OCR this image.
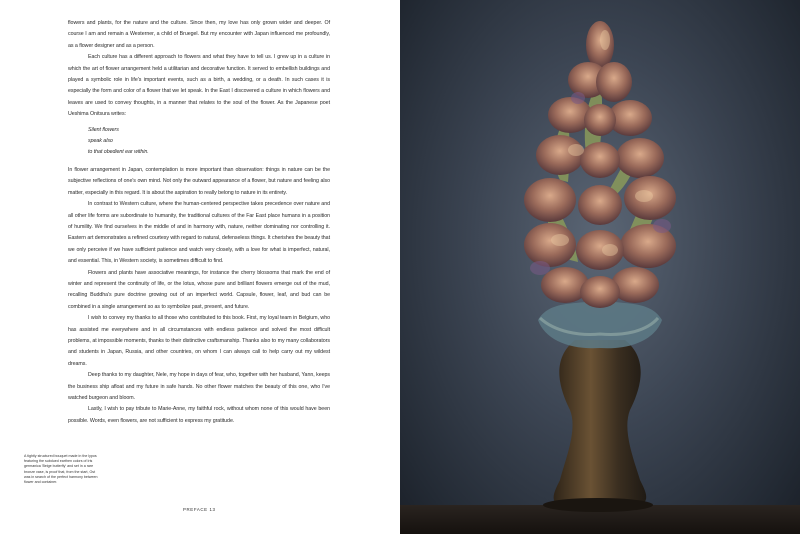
flowers and plants, for the nature and the culture. Since then, my love has only grown wider and deeper. Of course I am and remain a Westerner, a child of Bruegel. But my encounter with Japan influenced me profoundly, as a flower designer and as a person.

Each culture has a different approach to flowers and what they have to tell us. I grew up in a culture in which the art of flower arrangement held a utilitarian and decorative function. It served to embellish buildings and played a symbolic role in life's important events, such as a birth, a wedding, or a death. In such cases it is especially the form and color of a flower that we let speak. In the East I discovered a culture in which flowers and leaves are used to convey thoughts, in a manner that relates to the soul of the flower. As the Japanese poet Ueshima Onitsura writes:

Silent flowers
speak also
to that obedient ear within.

In flower arrangement in Japan, contemplation is more important than observation: things in nature can be the subjective reflections of one's own mind. Not only the outward appearance of a flower, but nature and feeling also matter, especially in this regard. It is about the aspiration to really belong to nature in its entirety.

In contrast to Western culture, where the human-centered perspective takes precedence over nature and all other life forms are subordinate to humanity, the traditional cultures of the Far East place humans in a position of humility. We find ourselves in the middle of and in harmony with, nature, neither dominating nor controlling it. Eastern art demonstrates a refined courtesy with regard to natural, defenseless things. It cherishes the beauty that we only perceive if we have sufficient patience and watch very closely, with a love for what is imperfect, natural, and essential. This, in Western society, is sometimes difficult to find.

Flowers and plants have associative meanings, for instance the cherry blossoms that mark the end of winter and represent the continuity of life, or the lotus, whose pure and brilliant flowers emerge out of the mud, recalling Buddha's pure doctrine growing out of an imperfect world. Capsule, flower, leaf, and bud can be combined in a single arrangement so as to symbolize past, present, and future.

I wish to convey my thanks to all those who contributed to this book. First, my loyal team in Belgium, who has assisted me everywhere and in all circumstances with endless patience and solved the most difficult problems, at impossible moments, thanks to their distinctive craftsmanship. Thanks also to my many collaborators and students in Japan, Russia, and other countries, on whom I can always call to help carry out my wildest dreams.

Deep thanks to my daughter, Nele, my hope in days of fear, who, together with her husband, Yann, keeps the business ship afloat and my future in safe hands. No other flower matches the beauty of this one, who I've watched burgeon and bloom.

Lastly, I wish to pay tribute to Marie-Anne, my faithful rock, without whom none of this would have been possible. Words, even flowers, are not sufficient to express my gratitude.

A tightly structured bouquet made in the lypos featuring the subdued earthen colors of Iris germanica 'Beige butterfly' and set in a rare bronze vase, is proof that, from the start, Ost was in search of the perfect harmony between flower and container.
PREFACE 13
